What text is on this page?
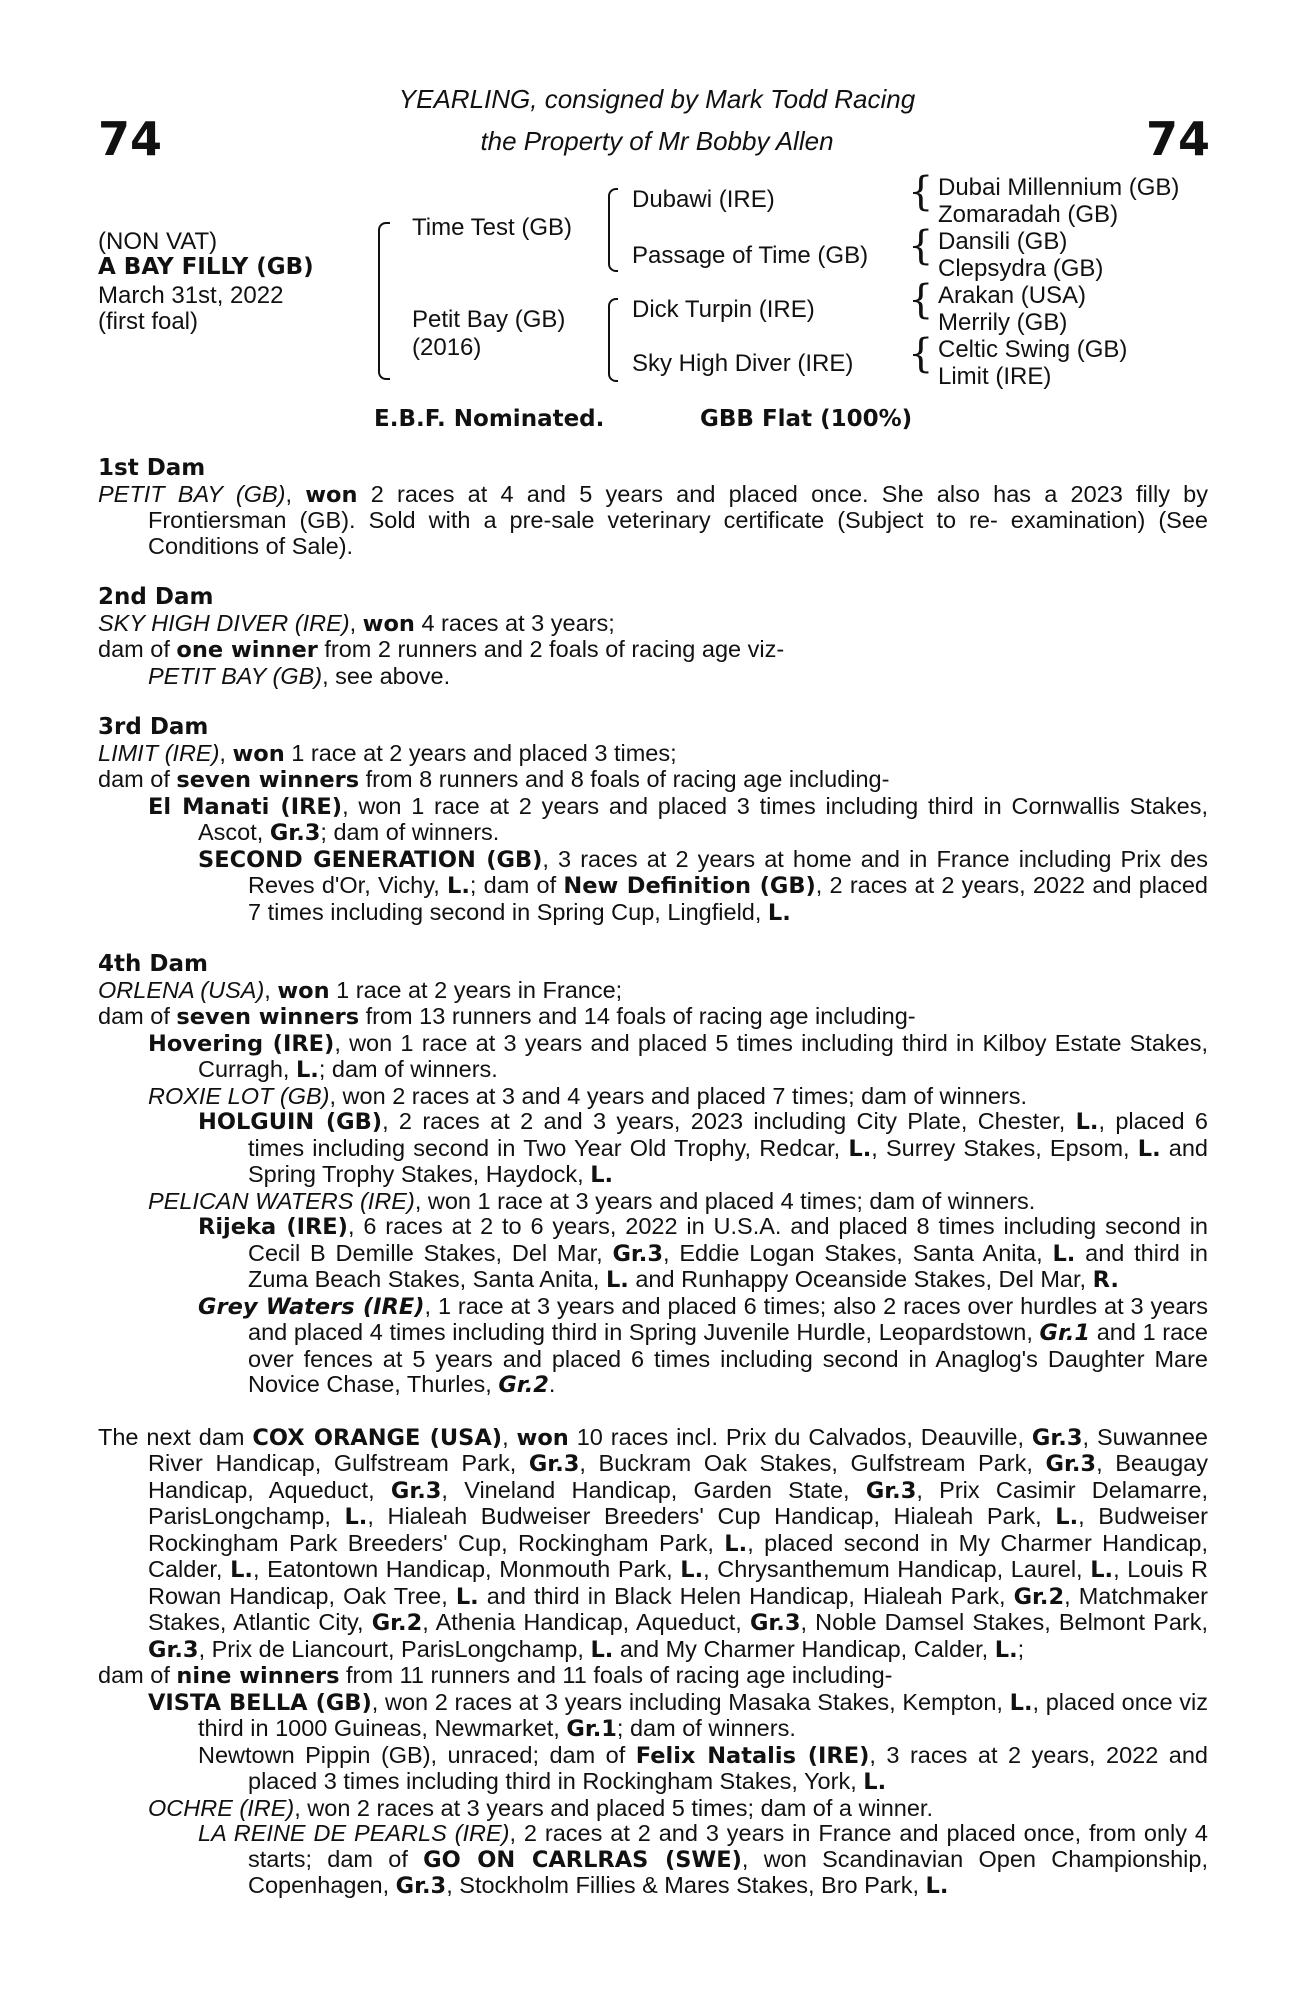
74	74
YEARLING, consigned by Mark Todd Racing
the Property of Mr Bobby Allen
(NON VAT)
A BAY FILLY (GB)
March 31st, 2022
(first foal)
Time Test (GB)
Petit Bay (GB)
(2016)
Dubawi (IRE)
Passage of Time (GB)
Dick Turpin (IRE)
Sky High Diver (IRE)
{
{
{
{
Dubai Millennium (GB)
Zomaradah (GB)
Dansili (GB)
Clepsydra (GB)
Arakan (USA)
Merrily (GB)
Celtic Swing (GB)
Limit (IRE)
E.B.F. Nominated.	GBB Flat (100%)
1st Dam

PETIT BAY (GB), won 2 races at 4 and 5 years and placed once. She also has a 2023 filly by Frontiersman (GB). Sold with a pre-sale veterinary certificate (Subject to re- examination) (See Conditions of Sale).

2nd Dam

SKY HIGH DIVER (IRE), won 4 races at 3 years;

dam of one winner from 2 runners and 2 foals of racing age viz-

PETIT BAY (GB), see above.

3rd Dam

LIMIT (IRE), won 1 race at 2 years and placed 3 times;

dam of seven winners from 8 runners and 8 foals of racing age including-

El Manati (IRE), won 1 race at 2 years and placed 3 times including third in Cornwallis Stakes, Ascot, Gr.3; dam of winners.

SECOND GENERATION (GB), 3 races at 2 years at home and in France including Prix des Reves d'Or, Vichy, L.; dam of New Definition (GB), 2 races at 2 years, 2022 and placed 7 times including second in Spring Cup, Lingfield, L.

4th Dam

ORLENA (USA), won 1 race at 2 years in France;

dam of seven winners from 13 runners and 14 foals of racing age including-

Hovering (IRE), won 1 race at 3 years and placed 5 times including third in Kilboy Estate Stakes, Curragh, L.; dam of winners.

ROXIE LOT (GB), won 2 races at 3 and 4 years and placed 7 times; dam of winners.

HOLGUIN (GB), 2 races at 2 and 3 years, 2023 including City Plate, Chester, L., placed 6 times including second in Two Year Old Trophy, Redcar, L., Surrey Stakes, Epsom, L. and Spring Trophy Stakes, Haydock, L.

PELICAN WATERS (IRE), won 1 race at 3 years and placed 4 times; dam of winners.

Rijeka (IRE), 6 races at 2 to 6 years, 2022 in U.S.A. and placed 8 times including second in Cecil B Demille Stakes, Del Mar, Gr.3, Eddie Logan Stakes, Santa Anita, L. and third in Zuma Beach Stakes, Santa Anita, L. and Runhappy Oceanside Stakes, Del Mar, R.

Grey Waters (IRE), 1 race at 3 years and placed 6 times; also 2 races over hurdles at 3 years and placed 4 times including third in Spring Juvenile Hurdle, Leopardstown, Gr.1 and 1 race over fences at 5 years and placed 6 times including second in Anaglog's Daughter Mare Novice Chase, Thurles, Gr.2.

The next dam COX ORANGE (USA), won 10 races incl. Prix du Calvados, Deauville, Gr.3, Suwannee River Handicap, Gulfstream Park, Gr.3, Buckram Oak Stakes, Gulfstream Park, Gr.3, Beaugay Handicap, Aqueduct, Gr.3, Vineland Handicap, Garden State, Gr.3, Prix Casimir Delamarre, ParisLongchamp, L., Hialeah Budweiser Breeders' Cup Handicap, Hialeah Park, L., Budweiser Rockingham Park Breeders' Cup, Rockingham Park, L., placed second in My Charmer Handicap, Calder, L., Eatontown Handicap, Monmouth Park, L., Chrysanthemum Handicap, Laurel, L., Louis R Rowan Handicap, Oak Tree, L. and third in Black Helen Handicap, Hialeah Park, Gr.2, Matchmaker Stakes, Atlantic City, Gr.2, Athenia Handicap, Aqueduct, Gr.3, Noble Damsel Stakes, Belmont Park, Gr.3, Prix de Liancourt, ParisLongchamp, L. and My Charmer Handicap, Calder, L.;

dam of nine winners from 11 runners and 11 foals of racing age including-

VISTA BELLA (GB), won 2 races at 3 years including Masaka Stakes, Kempton, L., placed once viz third in 1000 Guineas, Newmarket, Gr.1; dam of winners.

Newtown Pippin (GB), unraced; dam of Felix Natalis (IRE), 3 races at 2 years, 2022 and placed 3 times including third in Rockingham Stakes, York, L.

OCHRE (IRE), won 2 races at 3 years and placed 5 times; dam of a winner.

LA REINE DE PEARLS (IRE), 2 races at 2 and 3 years in France and placed once, from only 4 starts; dam of GO ON CARLRAS (SWE), won Scandinavian Open Championship, Copenhagen, Gr.3, Stockholm Fillies & Mares Stakes, Bro Park, L.
